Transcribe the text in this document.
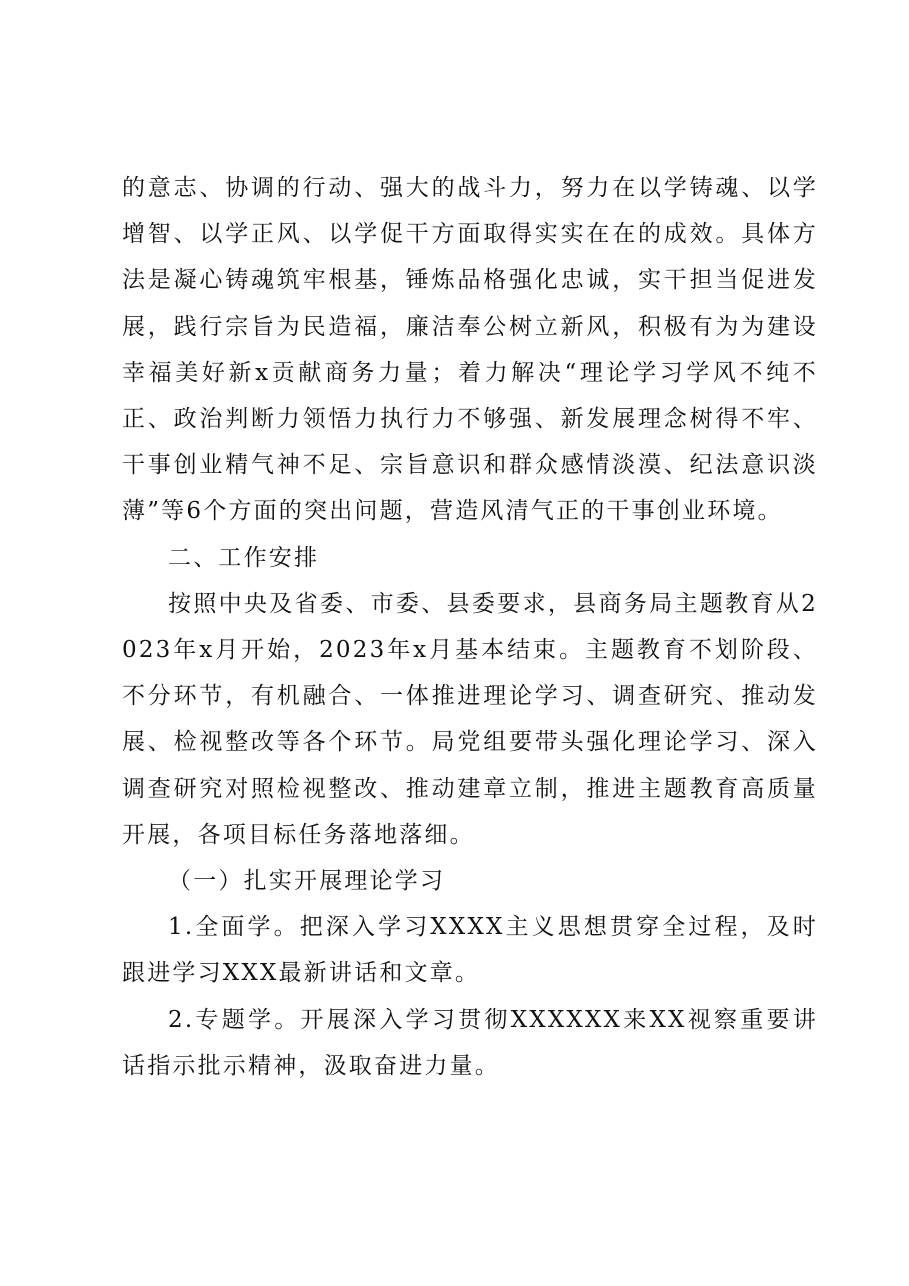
的意志、协调的行动、强大的战斗力，努力在以学铸魂、以学增智、以学正风、以学促干方面取得实实在在的成效。具体方法是凝心铸魂筑牢根基，锤炼品格强化忠诚，实干担当促进发展，践行宗旨为民造福，廉洁奉公树立新风，积极有为为建设幸福美好新x贡献商务力量；着力解决“理论学习学风不纯不正、政治判断力领悟力执行力不够强、新发展理念树得不牢、干事创业精气神不足、宗旨意识和群众感情淡漠、纪法意识淡薄”等6个方面的突出问题，营造风清气正的干事创业环境。

二、工作安排

按照中央及省委、市委、县委要求，县商务局主题教育从2023年x月开始，2023年x月基本结束。主题教育不划阶段、不分环节，有机融合、一体推进理论学习、调查研究、推动发展、检视整改等各个环节。局党组要带头强化理论学习、深入调查研究对照检视整改、推动建章立制，推进主题教育高质量开展，各项目标任务落地落细。

（一）扎实开展理论学习

1.全面学。把深入学习XXXX主义思想贯穿全过程，及时跟进学习XXX最新讲话和文章。

2.专题学。开展深入学习贯彻XXXXXX来XX视察重要讲话指示批示精神，汲取奋进力量。
